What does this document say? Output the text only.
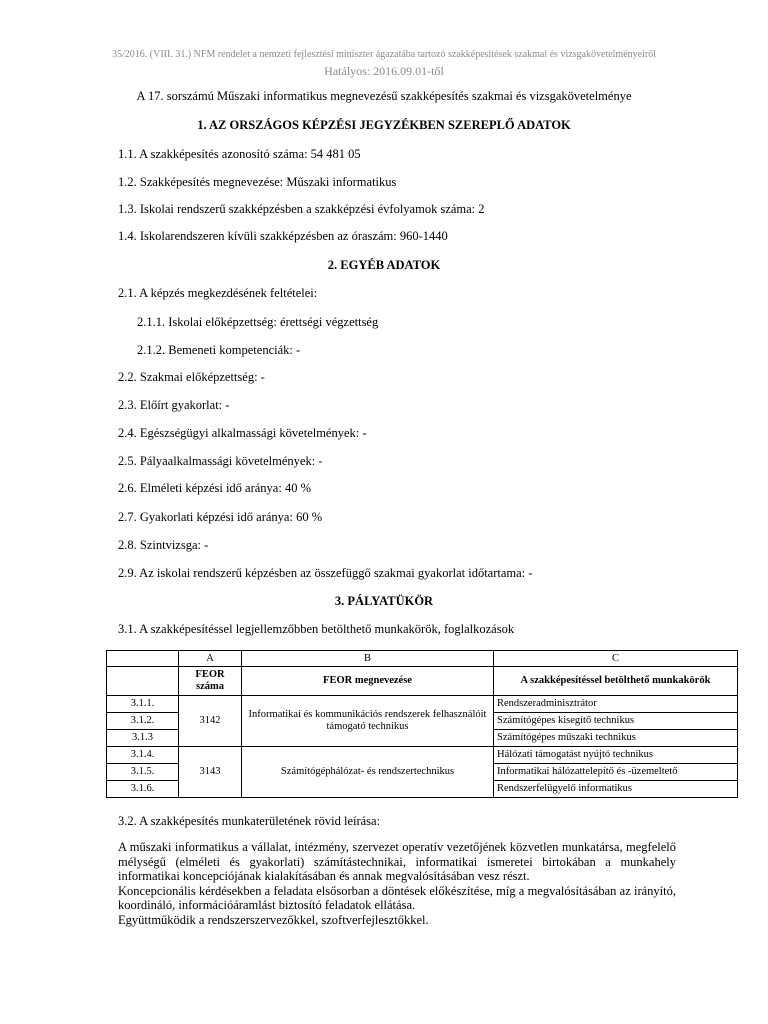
35/2016. (VIII. 31.) NFM rendelet a nemzeti fejlesztési miniszter ágazatába tartozó szakképesítések szakmai és vizsgakövetelményeiről
Hatályos: 2016.09.01-től
A 17. sorszámú Műszaki informatikus megnevezésű szakképesítés szakmai és vizsgakövetelménye
1. AZ ORSZÁGOS KÉPZÉSI JEGYZÉKBEN SZEREPLŐ ADATOK
1.1. A szakképesítés azonosító száma: 54 481 05
1.2. Szakképesítés megnevezése: Műszaki informatikus
1.3. Iskolai rendszerű szakképzésben a szakképzési évfolyamok száma: 2
1.4. Iskolarendszeren kívüli szakképzésben az óraszám: 960-1440
2. EGYÉB ADATOK
2.1. A képzés megkezdésének feltételei:
2.1.1. Iskolai előképzettség: érettségi végzettség
2.1.2. Bemeneti kompetenciák: -
2.2. Szakmai előképzettség: -
2.3. Előírt gyakorlat: -
2.4. Egészségügyi alkalmassági követelmények: -
2.5. Pályaalkalmassági követelmények: -
2.6. Elméleti képzési idő aránya: 40 %
2.7. Gyakorlati képzési idő aránya: 60 %
2.8. Szintvizsga: -
2.9. Az iskolai rendszerű képzésben az összefüggő szakmai gyakorlat időtartama: -
3. PÁLYATÜKÖR
3.1. A szakképesítéssel legjellemzőbben betölthető munkakörök, foglalkozások
	A	B	C
	FEOR száma	FEOR megnevezése	A szakképesítéssel betölthető munkakörök
3.1.1.	3142	Informatikai és kommunikációs rendszerek felhasználóit támogató technikus	Rendszeradminisztrátor
3.1.2.			Számítógépes kisegítő technikus
3.1.3			Számítógépes műszaki technikus
3.1.4.	3143	Számítógéphálózat- és rendszertechnikus	Hálózati támogatást nyújtó technikus
3.1.5.			Informatikai hálózattelepítő és -üzemeltető
3.1.6.			Rendszerfelügyelő informatikus
3.2. A szakképesítés munkaterületének rövid leírása:

A műszaki informatikus a vállalat, intézmény, szervezet operatív vezetőjének közvetlen munkatársa, megfelelő mélységű (elméleti és gyakorlati) számítástechnikai, informatikai ismeretei birtokában a munkahely informatikai koncepciójának kialakításában és annak megvalósításában vesz részt.

Koncepcionális kérdésekben a feladata elsősorban a döntések előkészítése, míg a megvalósításában az irányító, koordináló, információáramlást biztosító feladatok ellátása.

Együttműködik a rendszerszervezőkkel, szoftverfejlesztőkkel.
